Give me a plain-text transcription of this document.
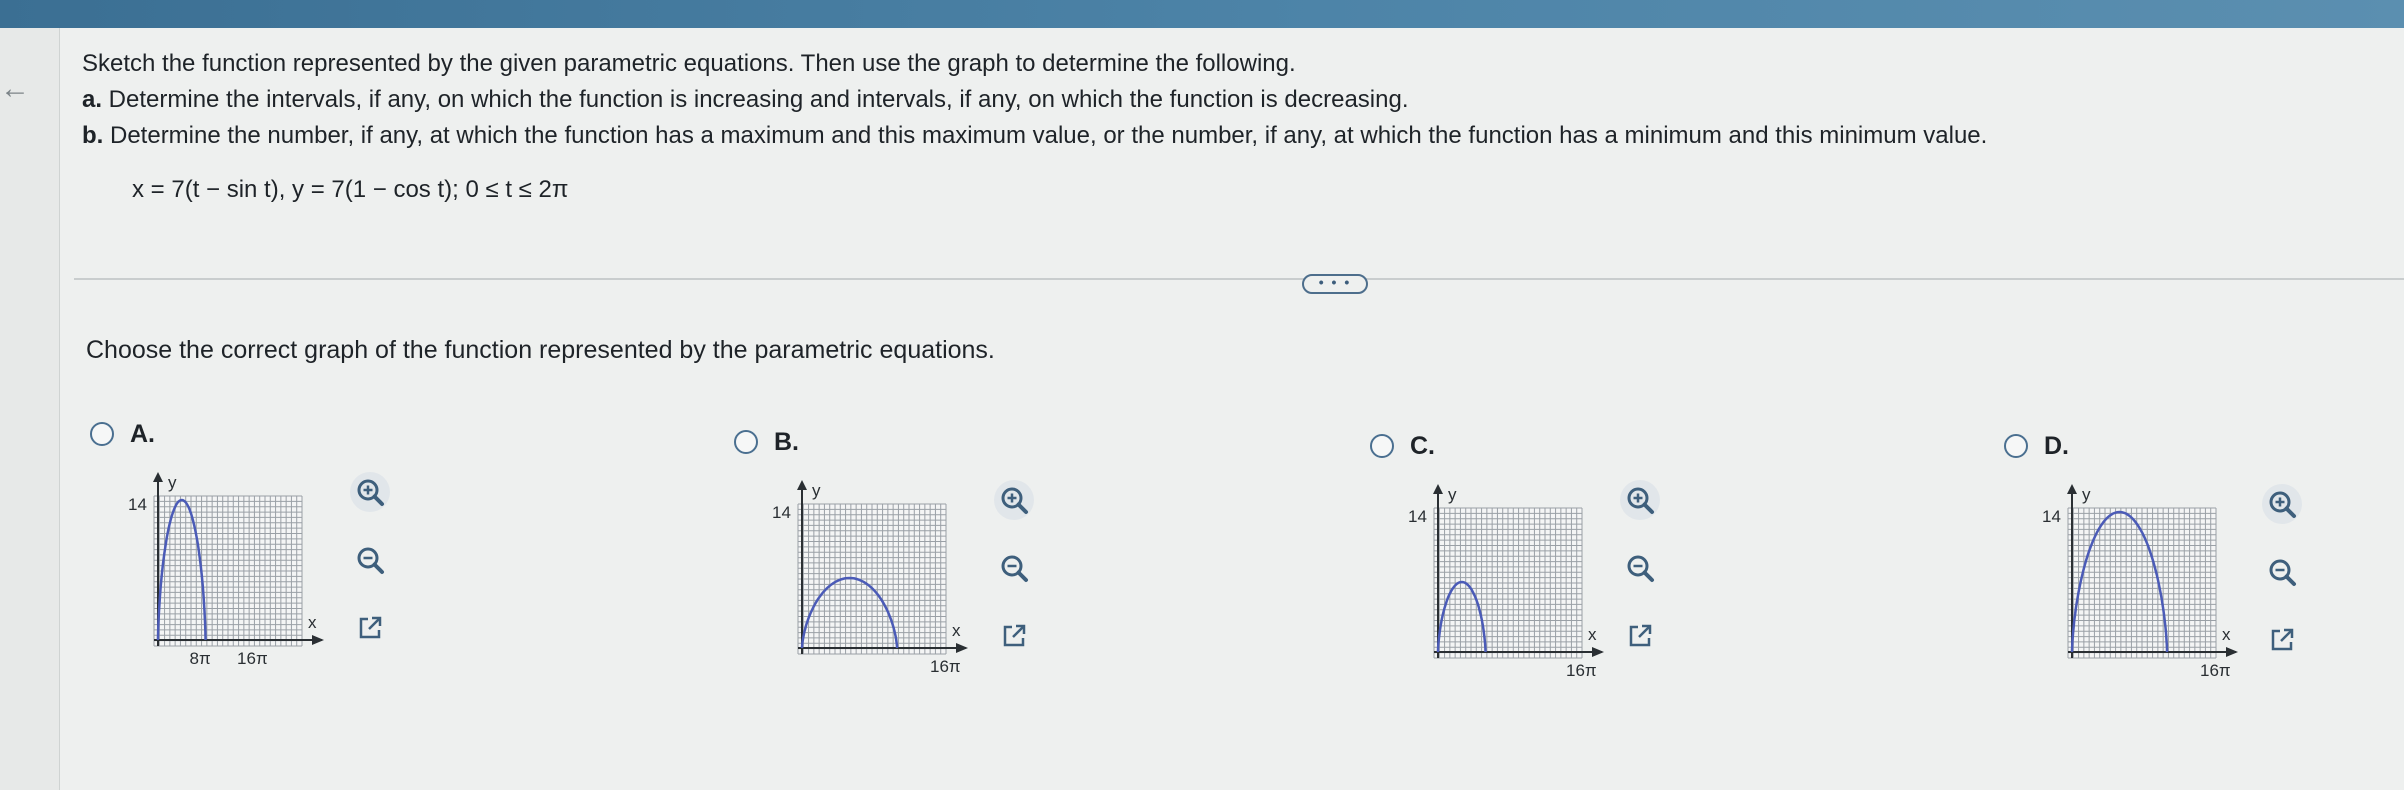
←
Sketch the function represented by the given parametric equations. Then use the graph to determine the following.
a. Determine the intervals, if any, on which the function is increasing and intervals, if any, on which the function is decreasing.
b. Determine the number, if any, at which the function has a maximum and this maximum value, or the number, if any, at which the function has a minimum and this minimum value.
x = 7(t − sin t), y = 7(1 − cos t); 0 ≤ t ≤ 2π
• • •
Choose the correct graph of the function represented by the parametric equations.
A.
y
x
14
8π 16π
B.
y
x
14
16π
C.
y
x
14
16π
D.
y
x
14
16π
